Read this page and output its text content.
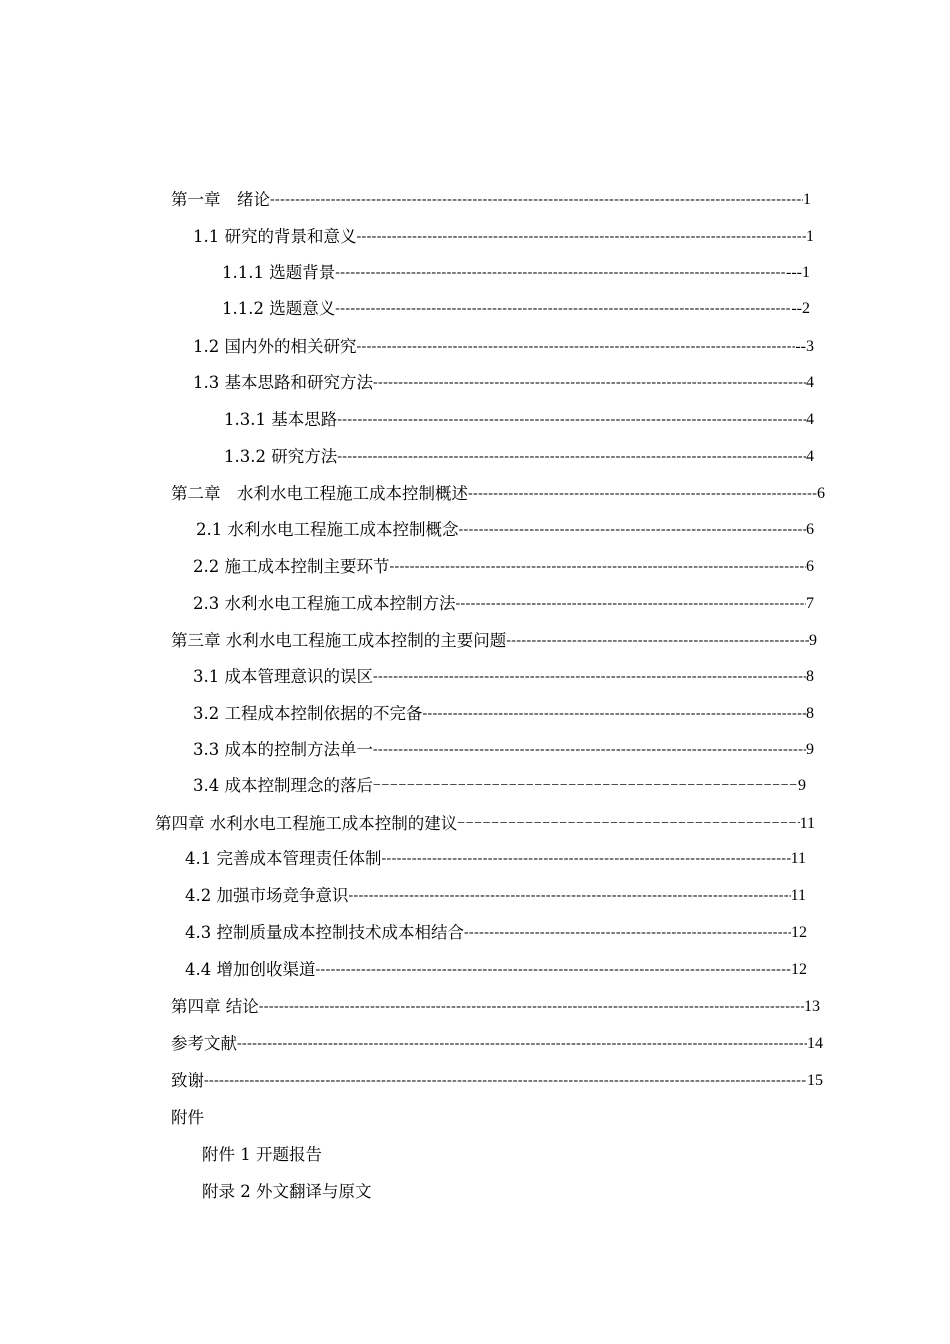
第一章　绪论 -----	1
1.1 研究的背景和意义 -----	1
1.1.1 选题背景 -----	---1
1.1.2 选题意义 -----	--2
1.2 国内外的相关研究 -----	--3
1.3 基本思路和研究方法 -----	4
1.3.1 基本思路 -----	4
1.3.2 研究方法 -----	4
第二章　水利水电工程施工成本控制概述 -----	6
2.1 水利水电工程施工成本控制概念 -----	6
2.2 施工成本控制主要环节 -----	6
2.3 水利水电工程施工成本控制方法 -----	7
第三章 水利水电工程施工成本控制的主要问题 -----	9
3.1 成本管理意识的误区 -----	8
3.2 工程成本控制依据的不完备 -----	8
3.3 成本的控制方法单一 -----	9
3.4 成本控制理念的落后 −−−−−−−−−−−−−−−−−−−−−−−−−−−−−−−−−−−−−−−−−−−−−−−−−−−−−−−−−−−−−−−−−−−−−−−−−−−−−−−−−−−−−−−−−−−−−−−−−−−−	9
第四章 水利水电工程施工成本控制的建议 −−−−−−−−−−−−−−−−−−−−−−−−−−−−−−−−−−−−−−−−−−−−−−−−−−−−−−−−−−−−−−−−−−−−−−−−−−−−−−−−−−−−−−−−−−−−−−−−−−−−	11
4.1 完善成本管理责任体制 -----	11
4.2 加强市场竞争意识 -----	11
4.3 控制质量成本控制技术成本相结合 -----	12
4.4 增加创收渠道 -----	12
第四章 结论 -----	13
参考文献 -----	14
致谢 -----	15
附件
附件 1 开题报告
附录 2 外文翻译与原文
